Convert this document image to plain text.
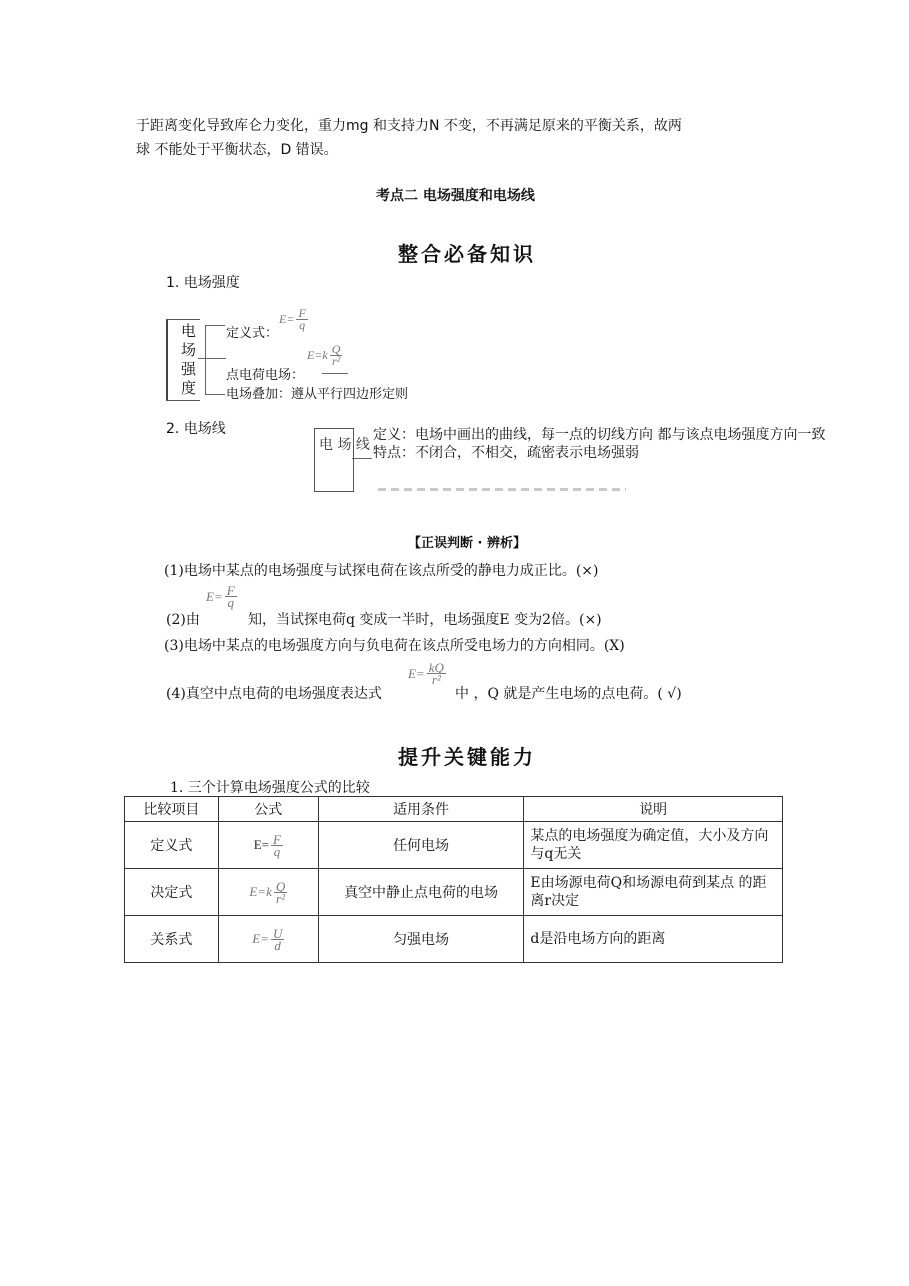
于距离变化导致库仑力变化，重力mg 和支持力N 不变，不再满足原来的平衡关系，故两
球 不能处于平衡状态，D 错误。
考点二 电场强度和电场线
整合必备知识
1. 电场强度
电
场
强
度
定义式：
$E= \frac{F}{q}$
$E=k \frac{Q}{\text{r²}}$
点电荷电场：
电场叠加：遵从平行四边形定则
2. 电场线
电 场 线
定义：电场中画出的曲线，每一点的切线方向 都与该点电场强度方向一致
特点：不闭合，不相交，疏密表示电场强弱
【正误判断 · 辨析】
(1)电场中某点的电场强度与试探电荷在该点所受的静电力成正比。(×)
(2)由
$E= \frac{F}{q}$
知，当试探电荷q 变成一半时，电场强度E 变为2倍。(×)
(3)电场中某点的电场强度方向与负电荷在该点所受电场力的方向相同。(X)
(4)真空中点电荷的电场强度表达式
$E= \frac{kQ}{\text{r²}}$
中 ，Q 就是产生电场的点电荷。( √)
提升关键能力
1. 三个计算电场强度公式的比较
比较项目	公式	适用条件	说明
定义式	$E= \frac{F}{q}$	任何电场	某点的电场强度为确定值，大小及方向与q无关
决定式	$E=k \frac{Q}{\text{r²}}$	真空中静止点电荷的电场	E由场源电荷Q和场源电荷到某点 的距离r决定
关系式	$E= \frac{U}{d}$	匀强电场	d是沿电场方向的距离
